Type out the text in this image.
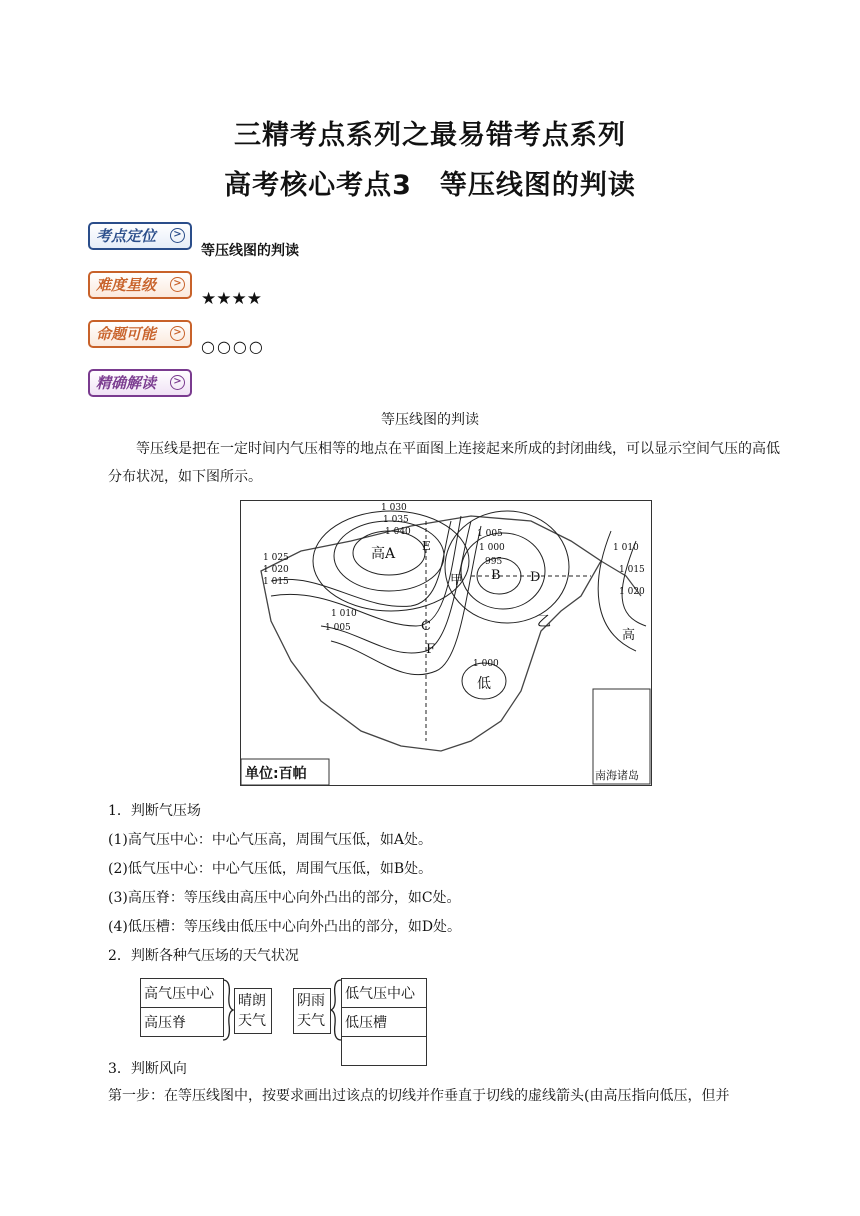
三精考点系列之最易错考点系列
高考核心考点3　等压线图的判读
考点定位	>
等压线图的判读
难度星级	>
★★★★
命题可能	>
○○○○
精确解读	>
等压线图的判读
等压线是把在一定时间内气压相等的地点在平面图上连接起来所成的封闭曲线，可以显示空间气压的高低分布状况，如下图所示。
单位:百帕	南海诸岛
高A E
甲 B D
C
F
低
乙
高
1 030
1 035
1 040
1 025
1 020
1 015
1 010
1 005
1 000
1 005
1 000
995
1 010
1 015
1 020
1．判断气压场
(1)高气压中心：中心气压高，周围气压低，如A处。
(2)低气压中心：中心气压低，周围气压低，如B处。
(3)高压脊：等压线由高压中心向外凸出的部分，如C处。
(4)低压槽：等压线由低压中心向外凸出的部分，如D处。
2．判断各种气压场的天气状况
高气压中心
高压脊
晴朗天气
阴雨天气
低气压中心
低压槽

3．判断风向
第一步：在等压线图中，按要求画出过该点的切线并作垂直于切线的虚线箭头(由高压指向低压，但并
